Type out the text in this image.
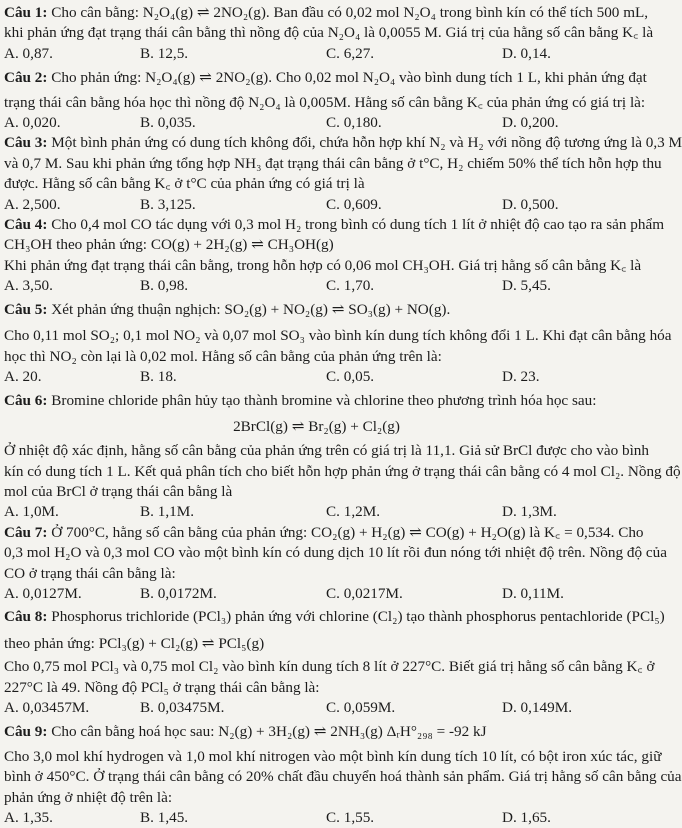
Câu 1: Cho cân bằng: N₂O₄(g) ⇌ 2NO₂(g). Ban đầu có 0,02 mol N₂O₄ trong bình kín có thể tích 500 mL,
khi phản ứng đạt trạng thái cân bằng thì nồng độ của N₂O₄ là 0,0055 M. Giá trị của hằng số cân bằng K꜀ là
A. 0,87.	B. 12,5.	C. 6,27.	D. 0,14.
Câu 2: Cho phản ứng: N₂O₄(g) ⇌ 2NO₂(g). Cho 0,02 mol N₂O₄ vào bình dung tích 1 L, khi phản ứng đạt
trạng thái cân bằng hóa học thì nồng độ N₂O₄ là 0,005M. Hằng số cân bằng K꜀ của phản ứng có giá trị là:
A. 0,020.	B. 0,035.	C. 0,180.	D. 0,200.
Câu 3: Một bình phản ứng có dung tích không đổi, chứa hỗn hợp khí N₂ và H₂ với nồng độ tương ứng là 0,3 M
và 0,7 M. Sau khi phản ứng tổng hợp NH₃ đạt trạng thái cân bằng ở t°C, H₂ chiếm 50% thể tích hỗn hợp thu
được. Hằng số cân bằng K꜀ ở t°C của phản ứng có giá trị là
A. 2,500.	B. 3,125.	C. 0,609.	D. 0,500.
Câu 4: Cho 0,4 mol CO tác dụng với 0,3 mol H₂ trong bình có dung tích 1 lít ở nhiệt độ cao tạo ra sản phẩm
CH₃OH theo phản ứng: CO(g) + 2H₂(g) ⇌ CH₃OH(g)
Khi phản ứng đạt trạng thái cân bằng, trong hỗn hợp có 0,06 mol CH₃OH. Giá trị hằng số cân bằng K꜀ là
A. 3,50.	B. 0,98.	C. 1,70.	D. 5,45.
Câu 5: Xét phản ứng thuận nghịch: SO₂(g) + NO₂(g) ⇌ SO₃(g) + NO(g).
Cho 0,11 mol SO₂; 0,1 mol NO₂ và 0,07 mol SO₃ vào bình kín dung tích không đổi 1 L. Khi đạt cân bằng hóa
học thì NO₂ còn lại là 0,02 mol. Hằng số cân bằng của phản ứng trên là:
A. 20.	B. 18.	C. 0,05.	D. 23.
Câu 6: Bromine chloride phân hủy tạo thành bromine và chlorine theo phương trình hóa học sau:
2BrCl(g) ⇌ Br₂(g) + Cl₂(g)
Ở nhiệt độ xác định, hằng số cân bằng của phản ứng trên có giá trị là 11,1. Giả sử BrCl được cho vào bình
kín có dung tích 1 L. Kết quả phân tích cho biết hỗn hợp phản ứng ở trạng thái cân bằng có 4 mol Cl₂. Nồng độ
mol của BrCl ở trạng thái cân bằng là
A. 1,0M.	B. 1,1M.	C. 1,2M.	D. 1,3M.
Câu 7: Ở 700°C, hằng số cân bằng của phản ứng: CO₂(g) + H₂(g) ⇌ CO(g) + H₂O(g) là K꜀ = 0,534. Cho
0,3 mol H₂O và 0,3 mol CO vào một bình kín có dung dịch 10 lít rồi đun nóng tới nhiệt độ trên. Nồng độ của
CO ở trạng thái cân bằng là:
A. 0,0127M.	B. 0,0172M.	C. 0,0217M.	D. 0,11M.
Câu 8: Phosphorus trichloride (PCl₃) phản ứng với chlorine (Cl₂) tạo thành phosphorus pentachloride (PCl₅)
theo phản ứng: PCl₃(g) + Cl₂(g) ⇌ PCl₅(g)
Cho 0,75 mol PCl₃ và 0,75 mol Cl₂ vào bình kín dung tích 8 lít ở 227°C. Biết giá trị hằng số cân bằng K꜀ ở
227°C là 49. Nồng độ PCl₅ ở trạng thái cân bằng là:
A. 0,03457M.	B. 0,03475M.	C. 0,059M.	D. 0,149M.
Câu 9: Cho cân bằng hoá học sau: N₂(g) + 3H₂(g) ⇌ 2NH₃(g) ΔᵣH°₂₉₈ = -92 kJ
Cho 3,0 mol khí hydrogen và 1,0 mol khí nitrogen vào một bình kín dung tích 10 lít, có bột iron xúc tác, giữ
bình ở 450°C. Ở trạng thái cân bằng có 20% chất đầu chuyển hoá thành sản phẩm. Giá trị hằng số cân bằng của
phản ứng ở nhiệt độ trên là:
A. 1,35.	B. 1,45.	C. 1,55.	D. 1,65.
